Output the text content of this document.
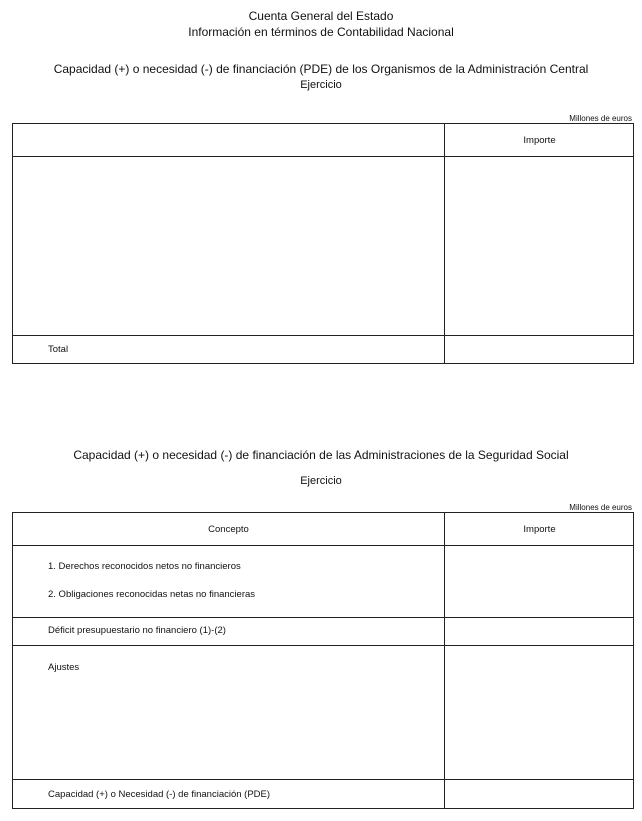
Cuenta General del Estado
Información en términos de Contabilidad Nacional
Capacidad (+) o necesidad (-) de financiación (PDE) de los Organismos de la Administración Central
Ejercicio
Millones de euros
Importe
Total
Capacidad (+) o necesidad (-) de financiación de las Administraciones de la Seguridad Social
Ejercicio
Millones de euros
Concepto	Importe
1. Derechos reconocidos netos no financieros
2. Obligaciones reconocidas netas no financieras
Déficit presupuestario no financiero (1)-(2)
Ajustes
Capacidad (+) o Necesidad (-) de financiación (PDE)
